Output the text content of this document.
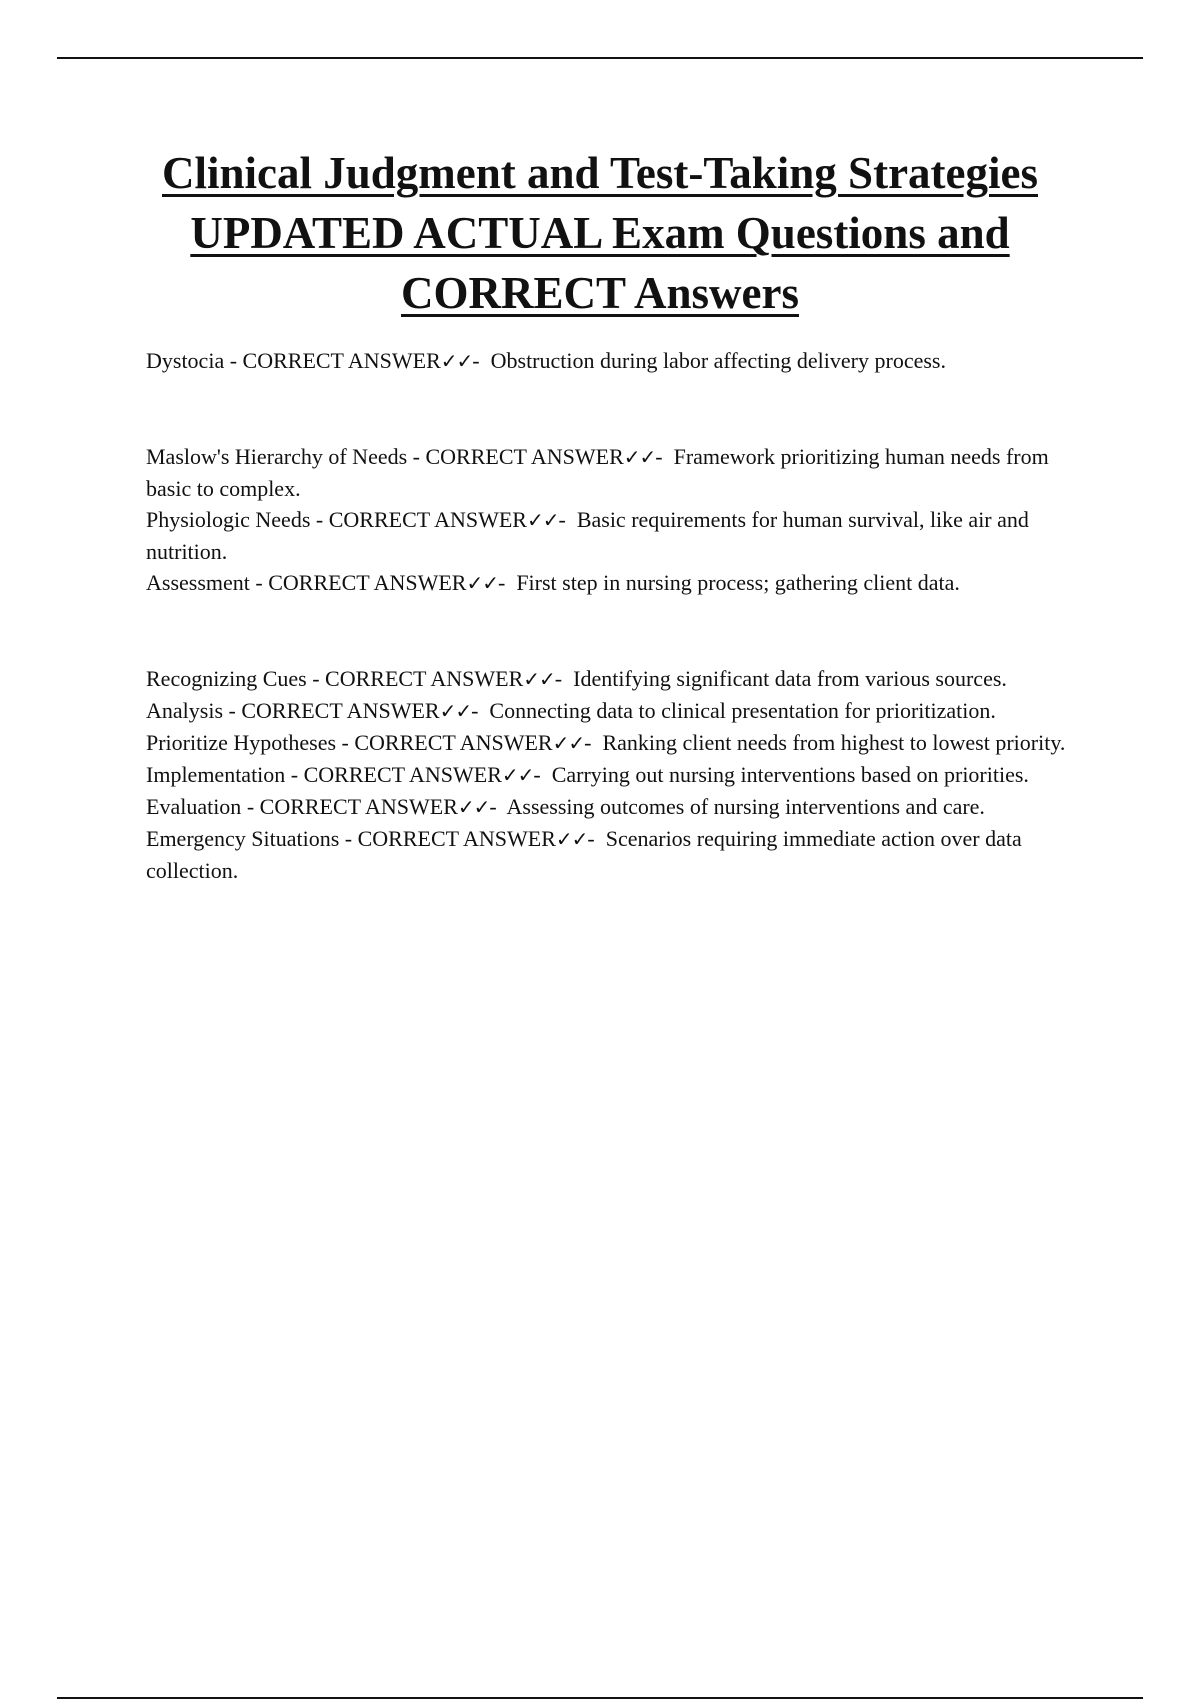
Clinical Judgment and Test-Taking Strategies UPDATED ACTUAL Exam Questions and CORRECT Answers
Dystocia - CORRECT ANSWER✓✓-  Obstruction during labor affecting delivery process.
Maslow's Hierarchy of Needs - CORRECT ANSWER✓✓-  Framework prioritizing human needs from basic to complex.
Physiologic Needs - CORRECT ANSWER✓✓-  Basic requirements for human survival, like air and nutrition.
Assessment - CORRECT ANSWER✓✓-  First step in nursing process; gathering client data.
Recognizing Cues - CORRECT ANSWER✓✓-  Identifying significant data from various sources.
Analysis - CORRECT ANSWER✓✓-  Connecting data to clinical presentation for prioritization.
Prioritize Hypotheses - CORRECT ANSWER✓✓-  Ranking client needs from highest to lowest priority.
Implementation - CORRECT ANSWER✓✓-  Carrying out nursing interventions based on priorities.
Evaluation - CORRECT ANSWER✓✓-  Assessing outcomes of nursing interventions and care.
Emergency Situations - CORRECT ANSWER✓✓-  Scenarios requiring immediate action over data collection.
